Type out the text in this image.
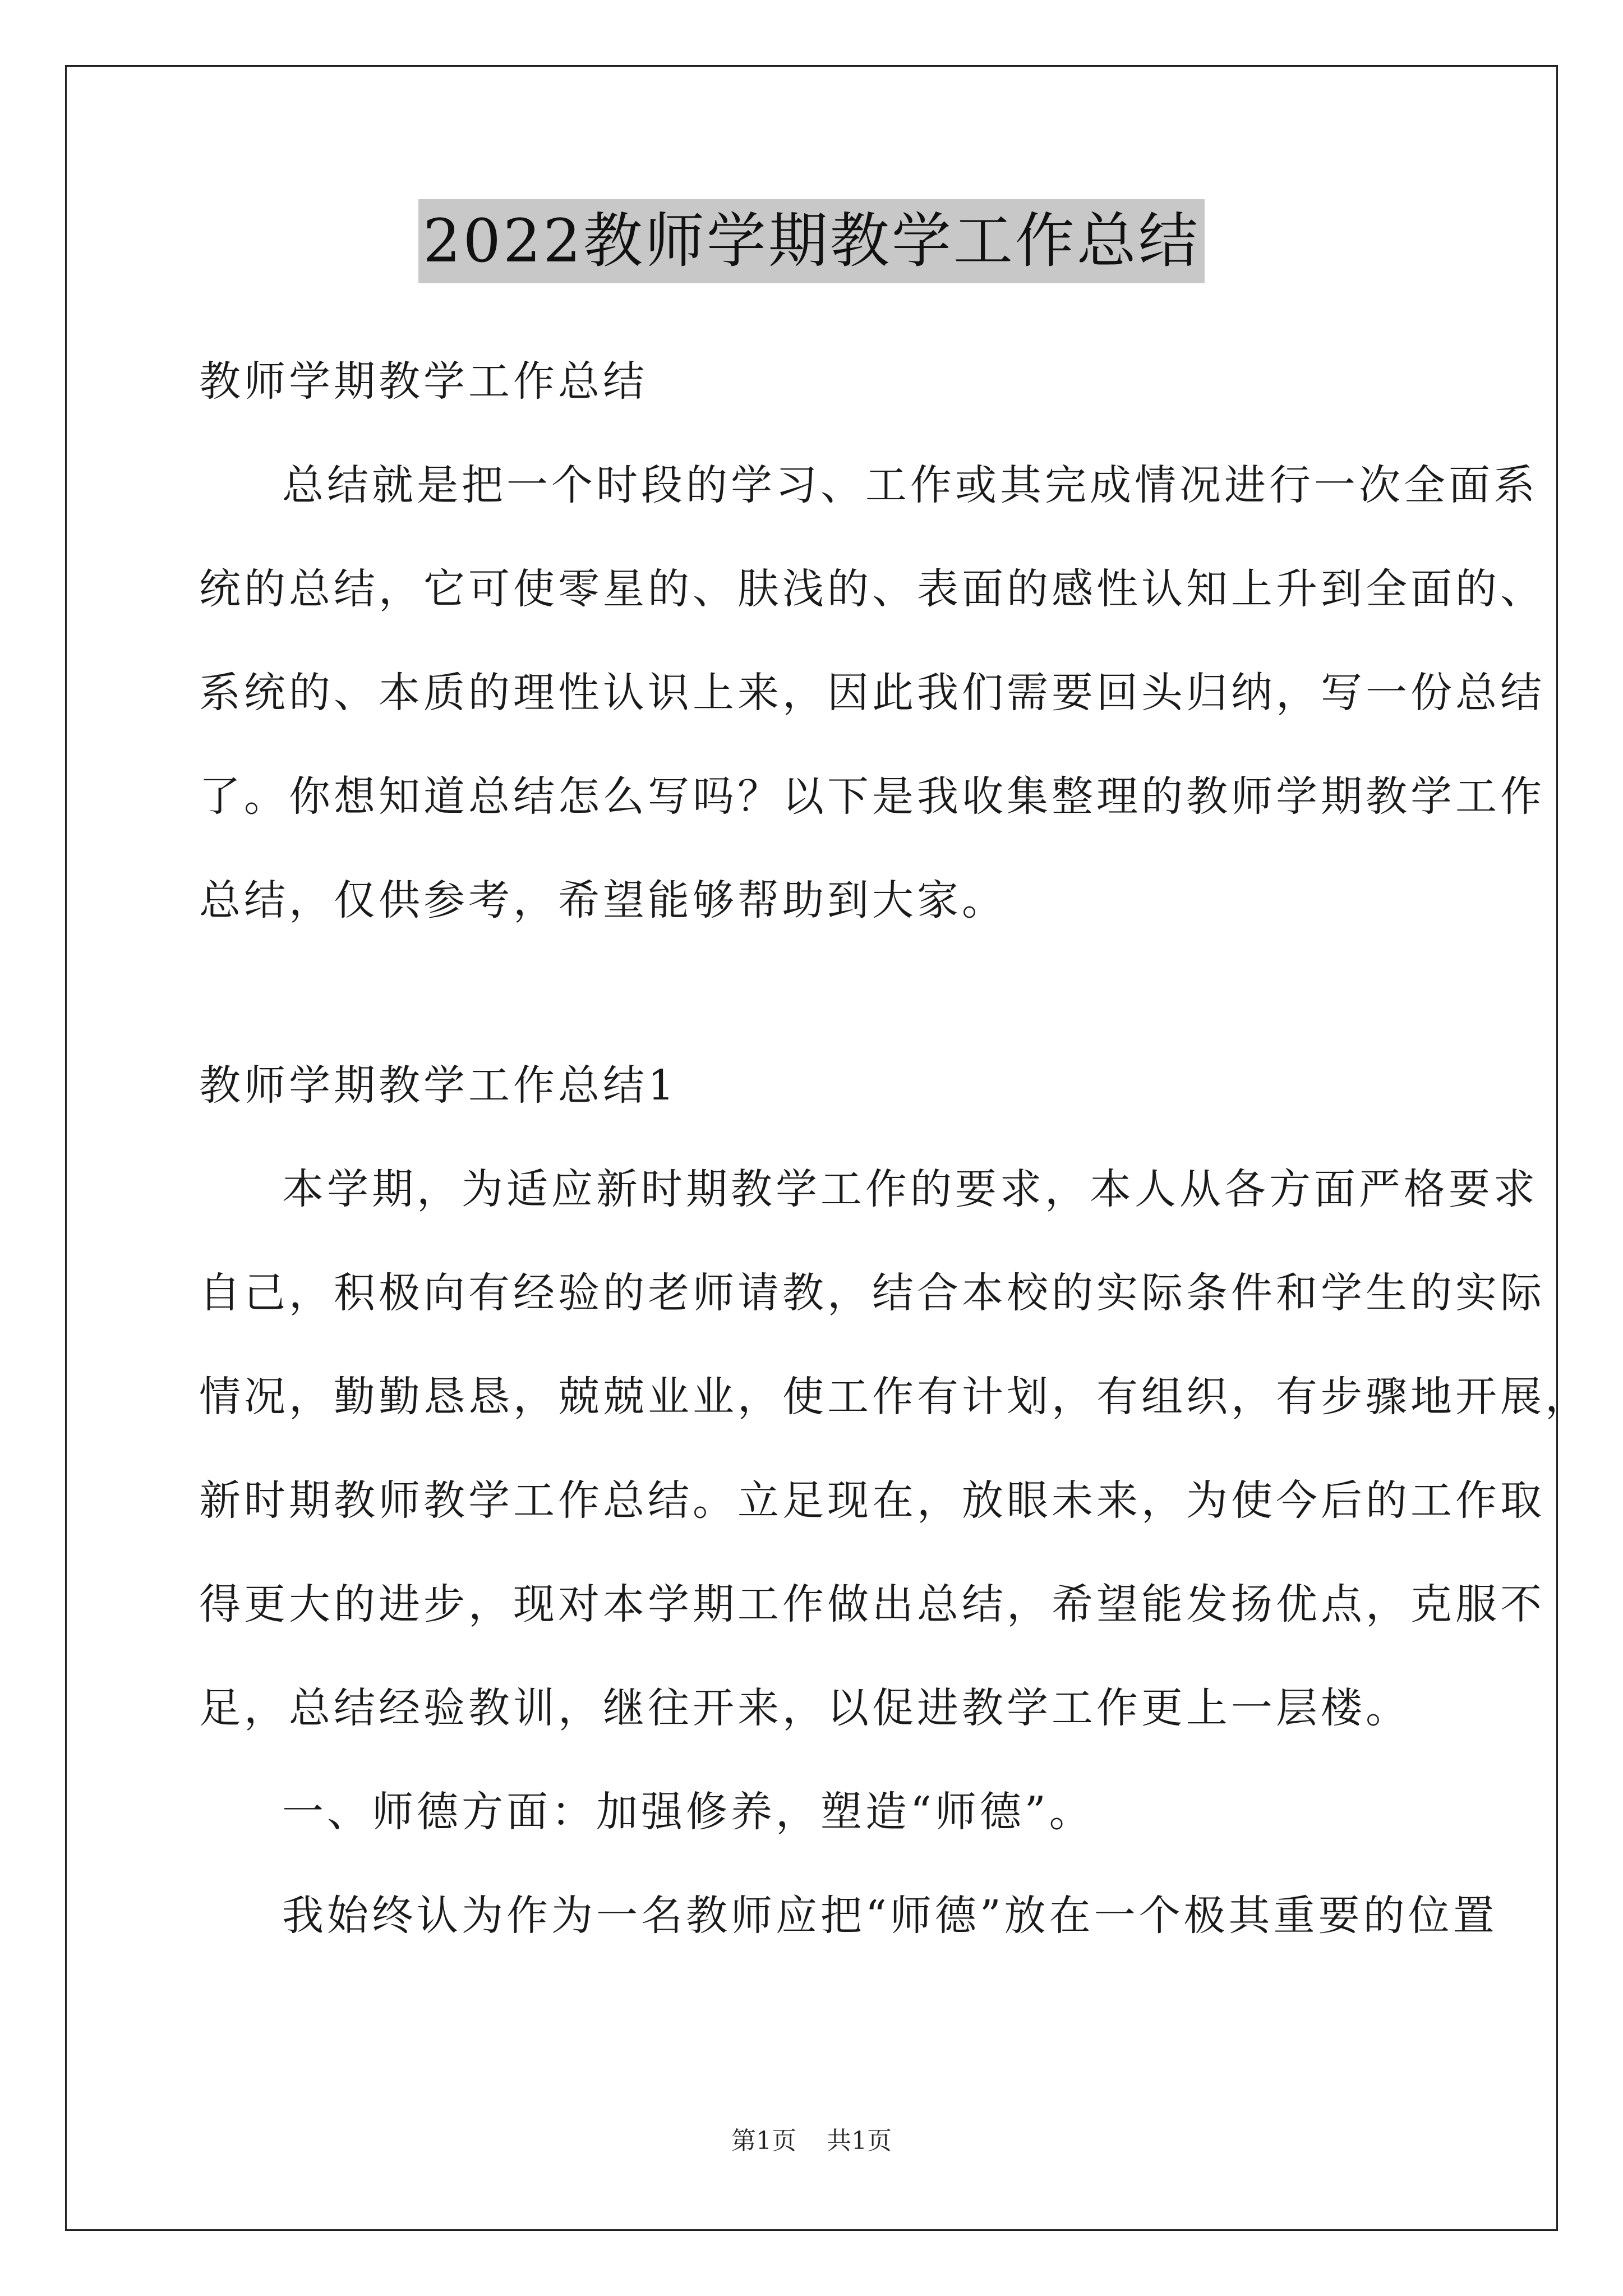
2022教师学期教学工作总结
教师学期教学工作总结
总结就是把一个时段的学习、工作或其完成情况进行一次全面系
统的总结，它可使零星的、肤浅的、表面的感性认知上升到全面的、
系统的、本质的理性认识上来，因此我们需要回头归纳，写一份总结
了。你想知道总结怎么写吗？以下是我收集整理的教师学期教学工作
总结，仅供参考，希望能够帮助到大家。
教师学期教学工作总结1
本学期，为适应新时期教学工作的要求，本人从各方面严格要求
自己，积极向有经验的老师请教，结合本校的实际条件和学生的实际
情况，勤勤恳恳，兢兢业业，使工作有计划，有组织，有步骤地开展，
新时期教师教学工作总结。立足现在，放眼未来，为使今后的工作取
得更大的进步，现对本学期工作做出总结，希望能发扬优点，克服不
足，总结经验教训，继往开来，以促进教学工作更上一层楼。
一、师德方面：加强修养，塑造“师德”。
我始终认为作为一名教师应把“师德”放在一个极其重要的位置
第1页 共1页
